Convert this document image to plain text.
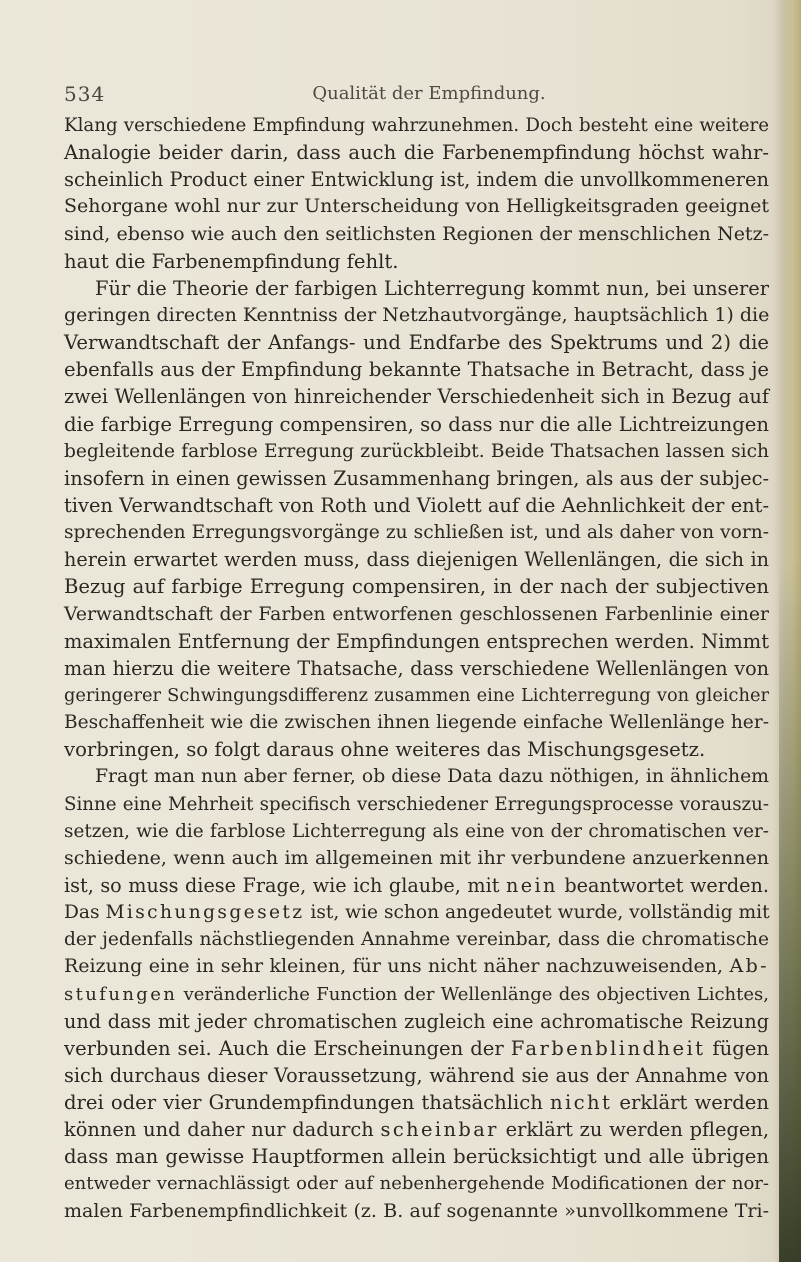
534	Qualität der Empfindung.
Klang verschiedene Empfindung wahrzunehmen. Doch besteht eine weitere
Analogie beider darin, dass auch die Farbenempfindung höchst wahr-
scheinlich Product einer Entwicklung ist, indem die unvollkommeneren
Sehorgane wohl nur zur Unterscheidung von Helligkeitsgraden geeignet
sind, ebenso wie auch den seitlichsten Regionen der menschlichen Netz-
haut die Farbenempfindung fehlt.
Für die Theorie der farbigen Lichterregung kommt nun, bei unserer
geringen directen Kenntniss der Netzhautvorgänge, hauptsächlich 1) die
Verwandtschaft der Anfangs- und Endfarbe des Spektrums und 2) die
ebenfalls aus der Empfindung bekannte Thatsache in Betracht, dass je
zwei Wellenlängen von hinreichender Verschiedenheit sich in Bezug auf
die farbige Erregung compensiren, so dass nur die alle Lichtreizungen
begleitende farblose Erregung zurückbleibt. Beide Thatsachen lassen sich
insofern in einen gewissen Zusammenhang bringen, als aus der subjec-
tiven Verwandtschaft von Roth und Violett auf die Aehnlichkeit der ent-
sprechenden Erregungsvorgänge zu schließen ist, und als daher von vorn-
herein erwartet werden muss, dass diejenigen Wellenlängen, die sich in
Bezug auf farbige Erregung compensiren, in der nach der subjectiven
Verwandtschaft der Farben entworfenen geschlossenen Farbenlinie einer
maximalen Entfernung der Empfindungen entsprechen werden. Nimmt
man hierzu die weitere Thatsache, dass verschiedene Wellenlängen von
geringerer Schwingungsdifferenz zusammen eine Lichterregung von gleicher
Beschaffenheit wie die zwischen ihnen liegende einfache Wellenlänge her-
vorbringen, so folgt daraus ohne weiteres das Mischungsgesetz.
Fragt man nun aber ferner, ob diese Data dazu nöthigen, in ähnlichem
Sinne eine Mehrheit specifisch verschiedener Erregungsprocesse vorauszu-
setzen, wie die farblose Lichterregung als eine von der chromatischen ver-
schiedene, wenn auch im allgemeinen mit ihr verbundene anzuerkennen
ist, so muss diese Frage, wie ich glaube, mit nein beantwortet werden.
Das Mischungsgesetz ist, wie schon angedeutet wurde, vollständig mit
der jedenfalls nächstliegenden Annahme vereinbar, dass die chromatische
Reizung eine in sehr kleinen, für uns nicht näher nachzuweisenden, Ab-
stufungen veränderliche Function der Wellenlänge des objectiven Lichtes,
und dass mit jeder chromatischen zugleich eine achromatische Reizung
verbunden sei. Auch die Erscheinungen der Farbenblindheit fügen
sich durchaus dieser Voraussetzung, während sie aus der Annahme von
drei oder vier Grundempfindungen thatsächlich nicht erklärt werden
können und daher nur dadurch scheinbar erklärt zu werden pflegen,
dass man gewisse Hauptformen allein berücksichtigt und alle übrigen
entweder vernachlässigt oder auf nebenhergehende Modificationen der nor-
malen Farbenempfindlichkeit (z. B. auf sogenannte »unvollkommene Tri-
